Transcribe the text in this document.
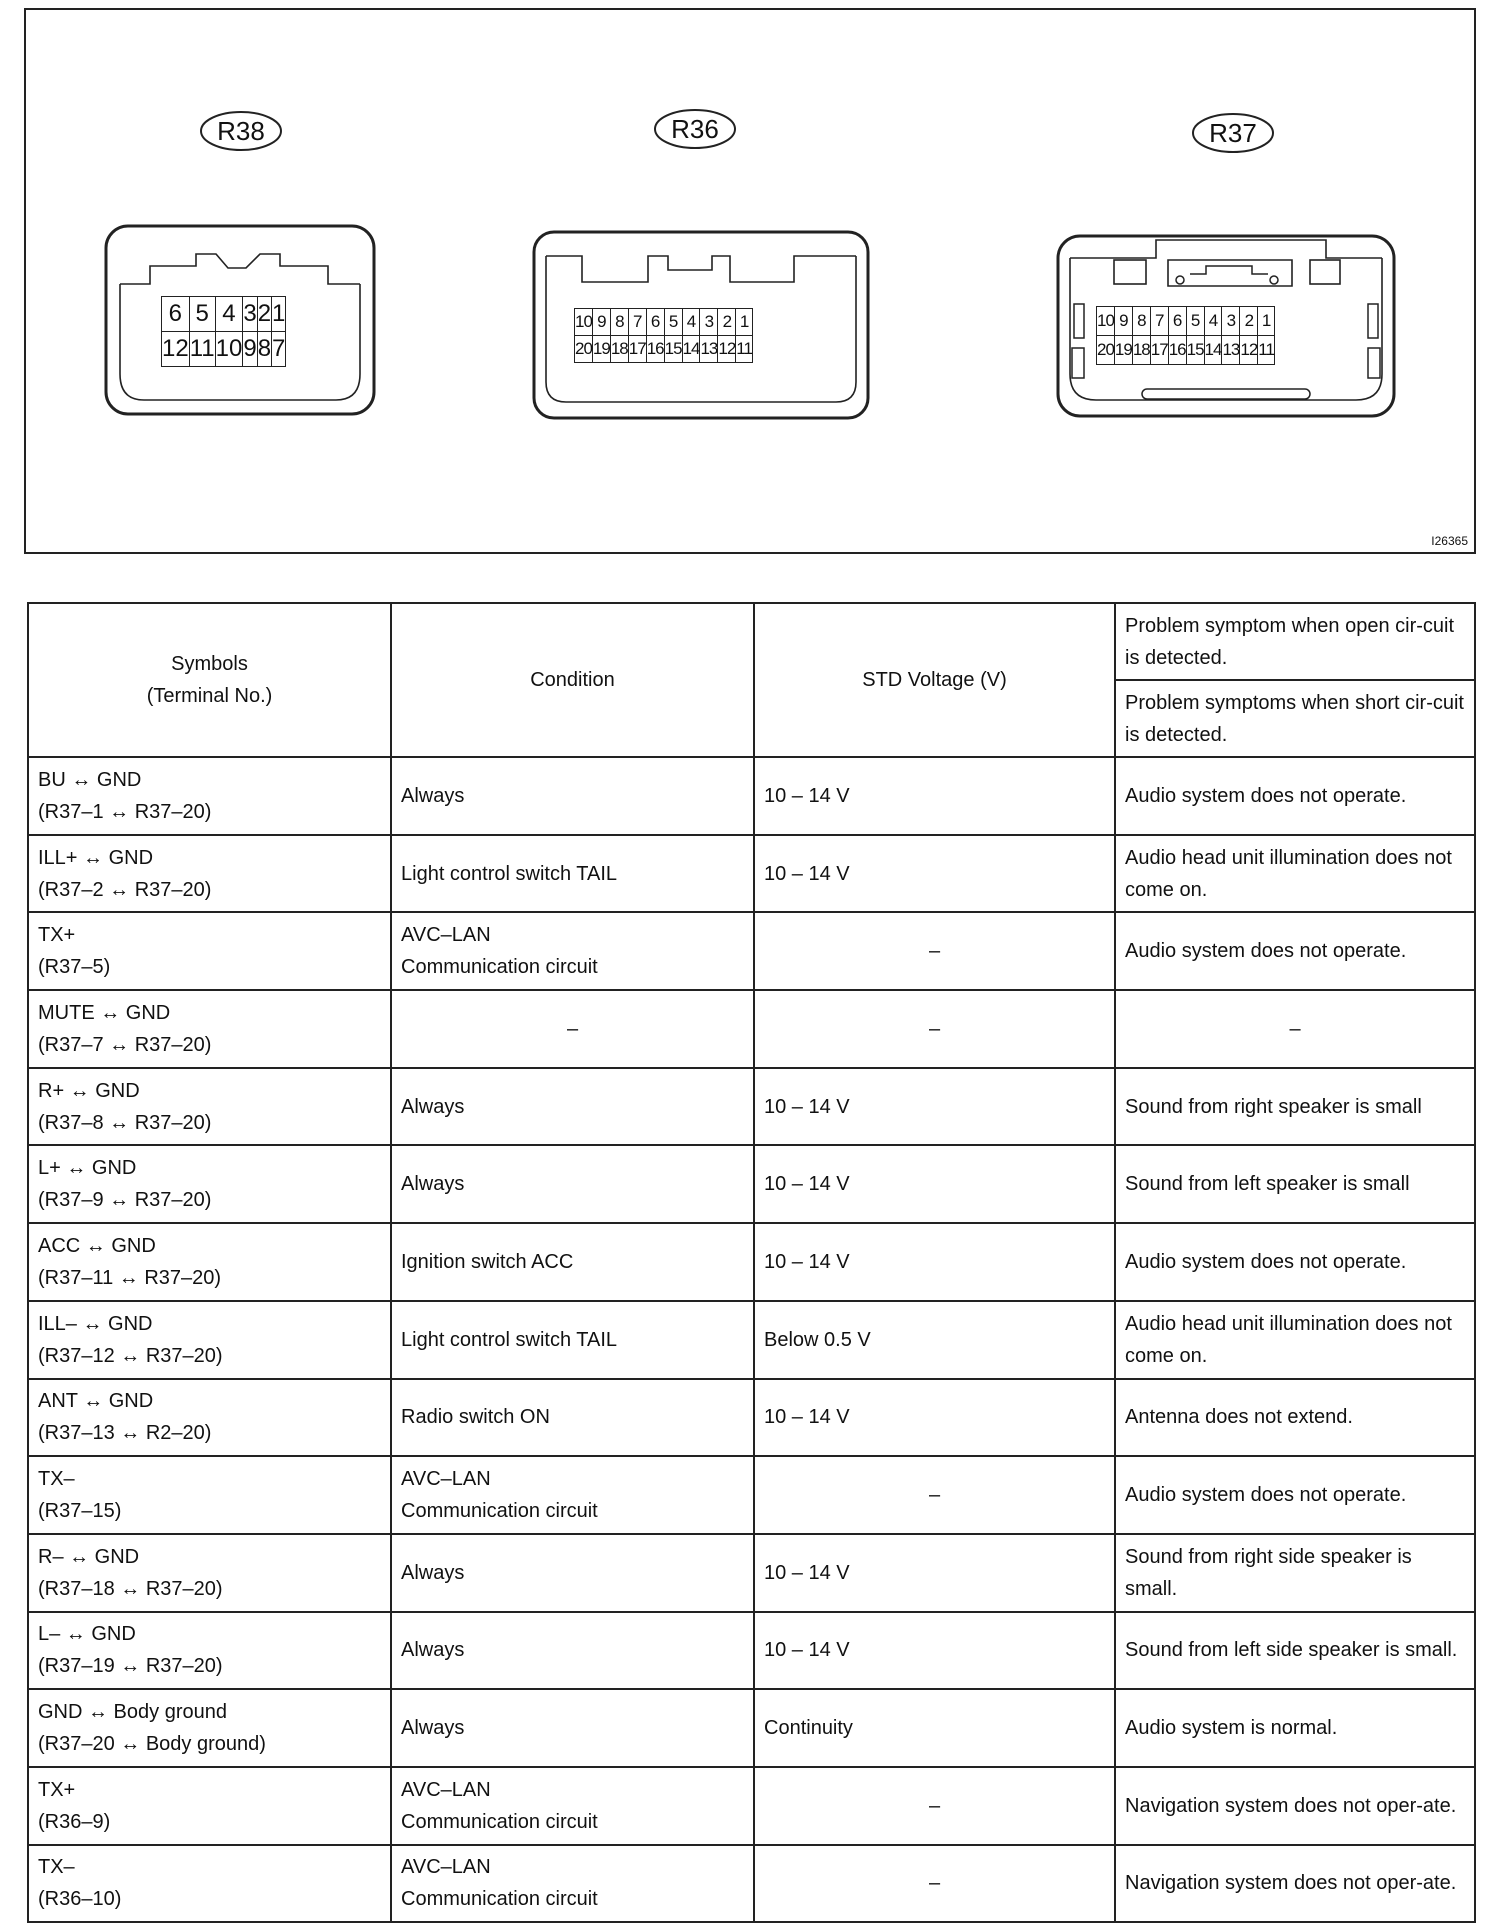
R38
6	5	4	3	2	1
12	11	10	9	8	7
R36
10	9	8	7	6	5	4	3	2	1
20	19	18	17	16	15	14	13	12	11
R37
10	9	8	7	6	5	4	3	2	1
20	19	18	17	16	15	14	13	12	11
I26365
Symbols
(Terminal No.)	Condition	STD Voltage (V)	Problem symptom when open cir-cuit is detected.
			Problem symptoms when short cir-cuit is detected.

BU ↔ GND
(R37–1 ↔ R37–20)	Always	10 – 14 V	Audio system does not operate.

ILL+ ↔ GND
(R37–2 ↔ R37–20)	Light control switch TAIL	10 – 14 V	Audio head unit illumination does not come on.

TX+
(R37–5)	AVC–LAN
Communication circuit	–	Audio system does not operate.

MUTE ↔ GND
(R37–7 ↔ R37–20)	–	–	–

R+ ↔ GND
(R37–8 ↔ R37–20)	Always	10 – 14 V	Sound from right speaker is small

L+ ↔ GND
(R37–9 ↔ R37–20)	Always	10 – 14 V	Sound from left speaker is small

ACC ↔ GND
(R37–11 ↔ R37–20)	Ignition switch ACC	10 – 14 V	Audio system does not operate.

ILL– ↔ GND
(R37–12 ↔ R37–20)	Light control switch TAIL	Below 0.5 V	Audio head unit illumination does not come on.

ANT ↔ GND
(R37–13 ↔ R2–20)	Radio switch ON	10 – 14 V	Antenna does not extend.

TX–
(R37–15)	AVC–LAN
Communication circuit	–	Audio system does not operate.

R– ↔ GND
(R37–18 ↔ R37–20)	Always	10 – 14 V	Sound from right side speaker is small.

L– ↔ GND
(R37–19 ↔ R37–20)	Always	10 – 14 V	Sound from left side speaker is small.

GND ↔ Body ground
(R37–20 ↔ Body ground)	Always	Continuity	Audio system is normal.

TX+
(R36–9)	AVC–LAN
Communication circuit	–	Navigation system does not oper-ate.

TX–
(R36–10)	AVC–LAN
Communication circuit	–	Navigation system does not oper-ate.
